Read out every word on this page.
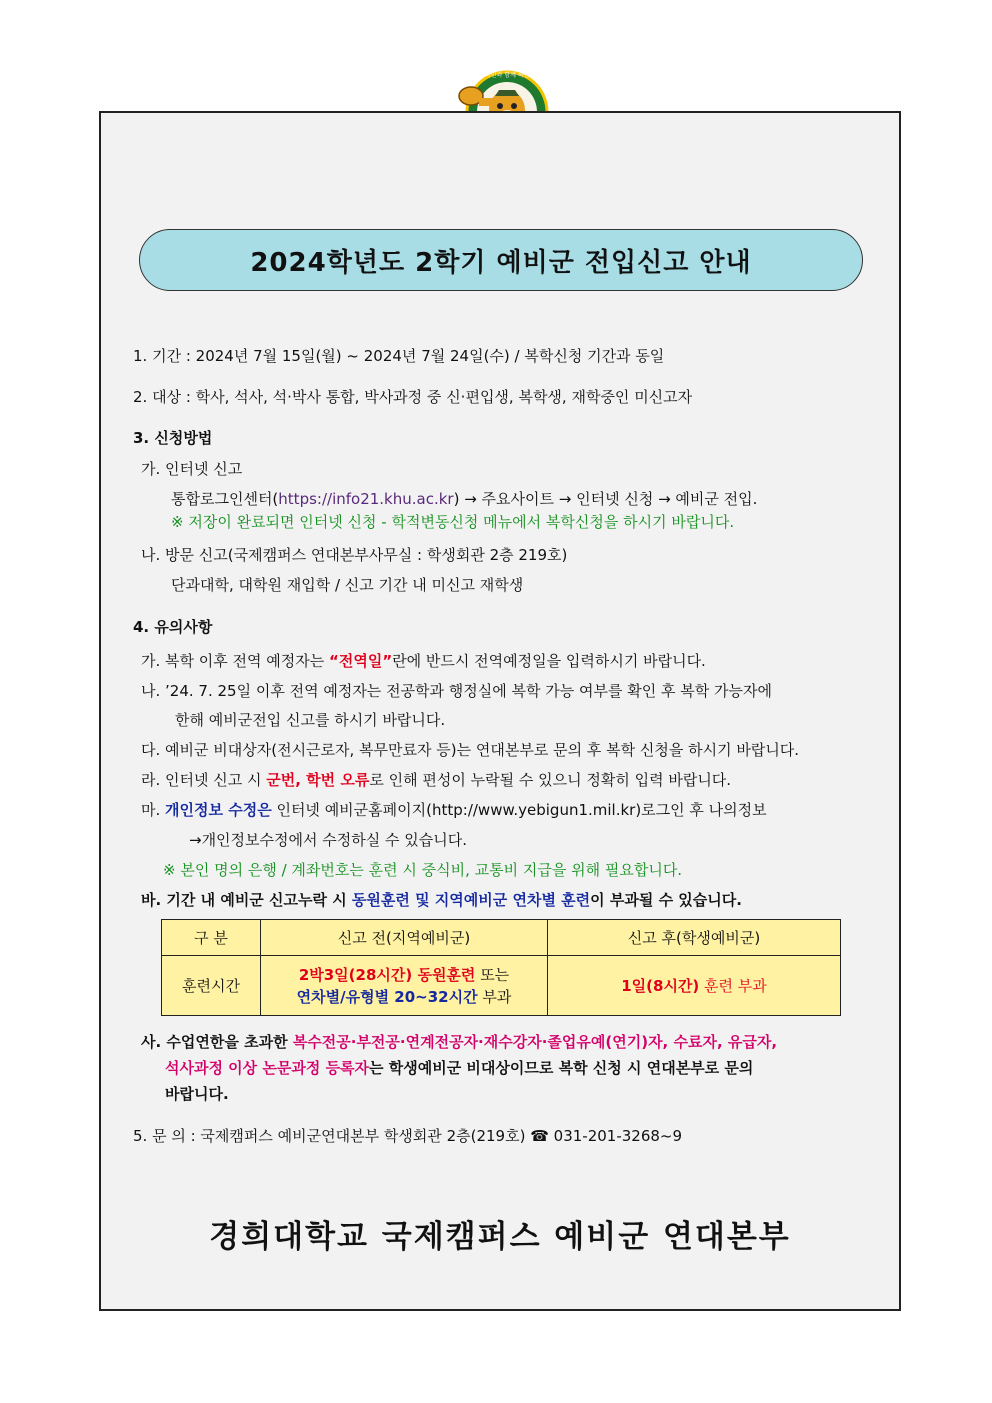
국민과 함께 하는 예비군
2024학년도 2학기 예비군 전입신고 안내
1. 기간 : 2024년 7월 15일(월) ~ 2024년 7월 24일(수) / 복학신청 기간과 동일
2. 대상 : 학사, 석사, 석·박사 통합, 박사과정 중 신·편입생, 복학생, 재학중인 미신고자
3. 신청방법
가. 인터넷 신고
통합로그인센터(https://info21.khu.ac.kr) → 주요사이트 → 인터넷 신청 → 예비군 전입.
※ 저장이 완료되면 인터넷 신청 - 학적변동신청 메뉴에서 복학신청을 하시기 바랍니다.
나. 방문 신고(국제캠퍼스 연대본부사무실 : 학생회관 2층 219호)
단과대학, 대학원 재입학 / 신고 기간 내 미신고 재학생
4. 유의사항
가. 복학 이후 전역 예정자는 “전역일”란에 반드시 전역예정일을 입력하시기 바랍니다.
나. ’24. 7. 25일 이후 전역 예정자는 전공학과 행정실에 복학 가능 여부를 확인 후 복학 가능자에
한해 예비군전입 신고를 하시기 바랍니다.
다. 예비군 비대상자(전시근로자, 복무만료자 등)는 연대본부로 문의 후 복학 신청을 하시기 바랍니다.
라. 인터넷 신고 시 군번, 학번 오류로 인해 편성이 누락될 수 있으니 정확히 입력 바랍니다.
마. 개인정보 수정은 인터넷 예비군홈페이지(http://www.yebigun1.mil.kr)로그인 후 나의정보
→개인정보수정에서 수정하실 수 있습니다.
※ 본인 명의 은행 / 계좌번호는 훈련 시 중식비, 교통비 지급을 위해 필요합니다.
바. 기간 내 예비군 신고누락 시 동원훈련 및 지역예비군 연차별 훈련이 부과될 수 있습니다.
구 분	신고 전(지역예비군)	신고 후(학생예비군)
훈련시간	2박3일(28시간) 동원훈련 또는
연차별/유형별 20~32시간 부과	1일(8시간) 훈련 부과
사. 수업연한을 초과한 복수전공·부전공·연계전공자·재수강자·졸업유예(연기)자, 수료자, 유급자,
석사과정 이상 논문과정 등록자는 학생예비군 비대상이므로 복학 신청 시 연대본부로 문의
바랍니다.
5. 문 의 : 국제캠퍼스 예비군연대본부 학생회관 2층(219호) ☎ 031-201-3268~9
경희대학교 국제캠퍼스 예비군 연대본부
